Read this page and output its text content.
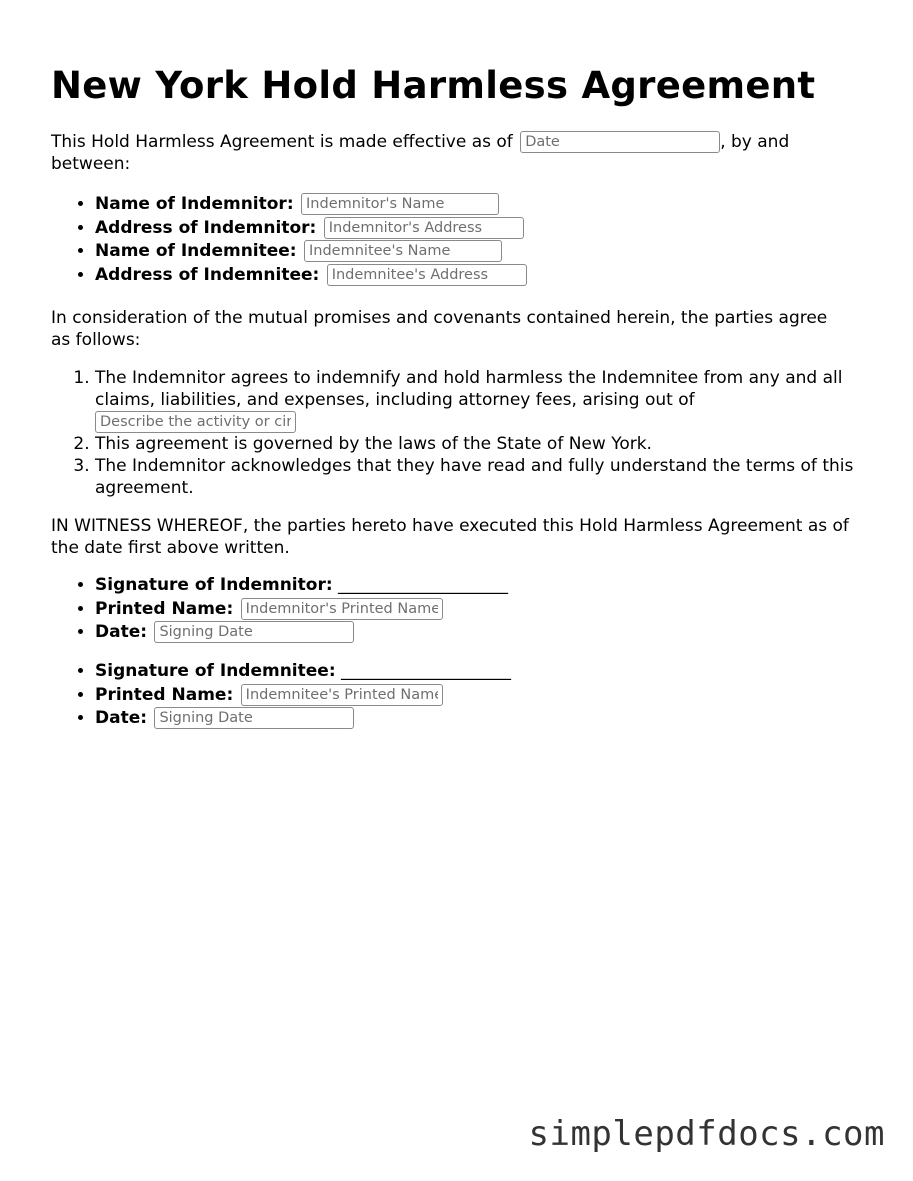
New York Hold Harmless Agreement

This Hold Harmless Agreement is made effective as of Date	, by and between:

• Name of Indemnitor: Indemnitor's Name
• Address of Indemnitor: Indemnitor's Address
• Name of Indemnitee: Indemnitee's Name
• Address of Indemnitee: Indemnitee's Address

In consideration of the mutual promises and covenants contained herein, the parties agree as follows:

1. The Indemnitor agrees to indemnify and hold harmless the Indemnitee from any and all claims, liabilities, and expenses, including attorney fees, arising out of
Describe the activity or circumstance
2. This agreement is governed by the laws of the State of New York.
3. The Indemnitor acknowledges that they have read and fully understand the terms of this agreement.

IN WITNESS WHEREOF, the parties hereto have executed this Hold Harmless Agreement as of the date first above written.

• Signature of Indemnitor: ____________________
• Printed Name: Indemnitor's Printed Name
• Date: Signing Date
• Signature of Indemnitee: ____________________
• Printed Name: Indemnitee's Printed Name
• Date: Signing Date
simplepdfdocs.com
